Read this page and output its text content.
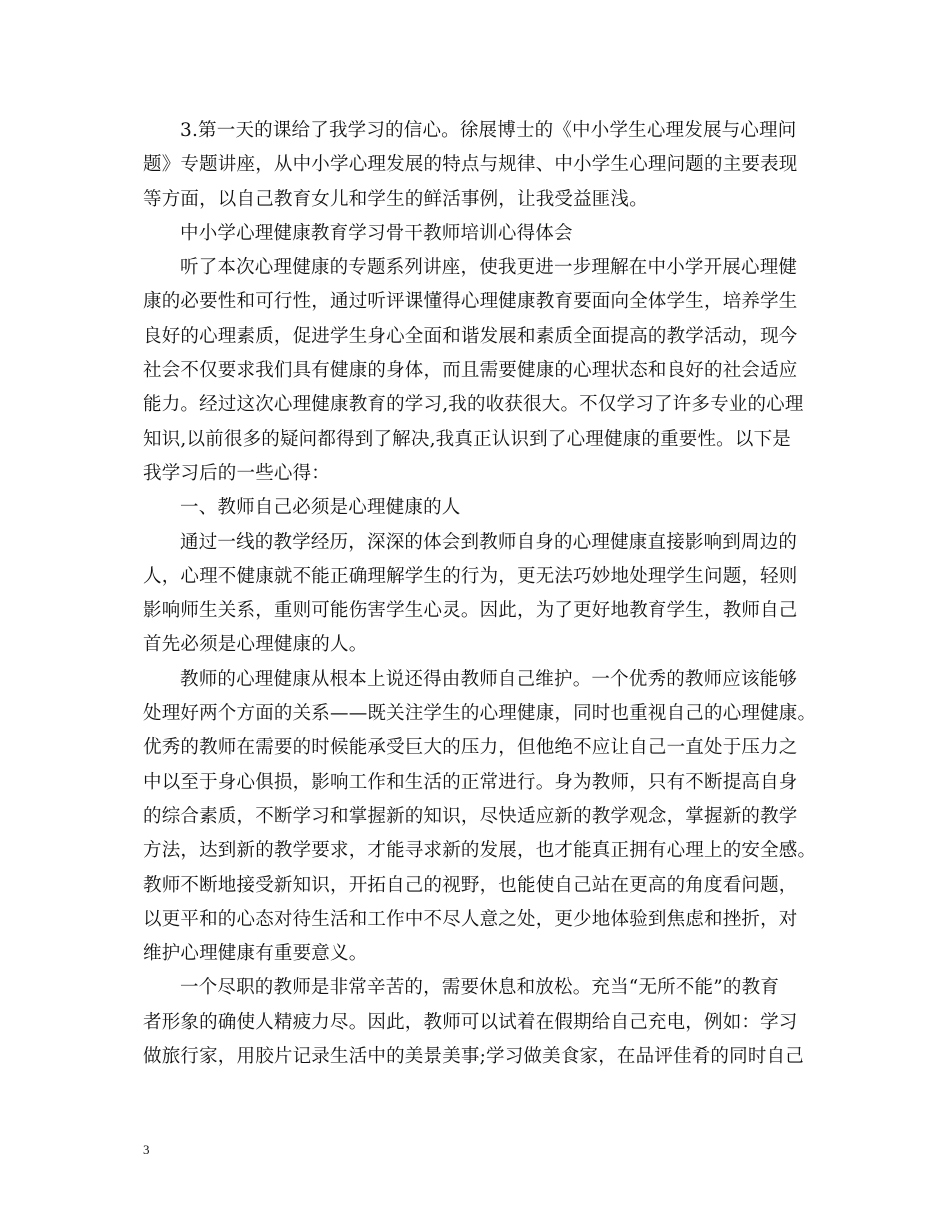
3.第一天的课给了我学习的信心。徐展博士的《中小学生心理发展与心理问
题》专题讲座，从中小学心理发展的特点与规律、中小学生心理问题的主要表现
等方面，以自己教育女儿和学生的鲜活事例，让我受益匪浅。
中小学心理健康教育学习骨干教师培训心得体会
听了本次心理健康的专题系列讲座，使我更进一步理解在中小学开展心理健
康的必要性和可行性，通过听评课懂得心理健康教育要面向全体学生，培养学生
良好的心理素质，促进学生身心全面和谐发展和素质全面提高的教学活动，现今
社会不仅要求我们具有健康的身体，而且需要健康的心理状态和良好的社会适应
能力。经过这次心理健康教育的学习,我的收获很大。不仅学习了许多专业的心理
知识,以前很多的疑问都得到了解决,我真正认识到了心理健康的重要性。以下是
我学习后的一些心得：
一、教师自己必须是心理健康的人
通过一线的教学经历，深深的体会到教师自身的心理健康直接影响到周边的
人，心理不健康就不能正确理解学生的行为，更无法巧妙地处理学生问题，轻则
影响师生关系，重则可能伤害学生心灵。因此，为了更好地教育学生，教师自己
首先必须是心理健康的人。
教师的心理健康从根本上说还得由教师自己维护。一个优秀的教师应该能够
处理好两个方面的关系——既关注学生的心理健康，同时也重视自己的心理健康。
优秀的教师在需要的时候能承受巨大的压力，但他绝不应让自己一直处于压力之
中以至于身心俱损，影响工作和生活的正常进行。身为教师，只有不断提高自身
的综合素质，不断学习和掌握新的知识，尽快适应新的教学观念，掌握新的教学
方法，达到新的教学要求，才能寻求新的发展，也才能真正拥有心理上的安全感。
教师不断地接受新知识，开拓自己的视野，也能使自己站在更高的角度看问题，
以更平和的心态对待生活和工作中不尽人意之处，更少地体验到焦虑和挫折，对
维护心理健康有重要意义。
一个尽职的教师是非常辛苦的，需要休息和放松。充当“无所不能”的教育
者形象的确使人精疲力尽。因此，教师可以试着在假期给自己充电，例如：学习
做旅行家，用胶片记录生活中的美景美事;学习做美食家，在品评佳肴的同时自己
3
